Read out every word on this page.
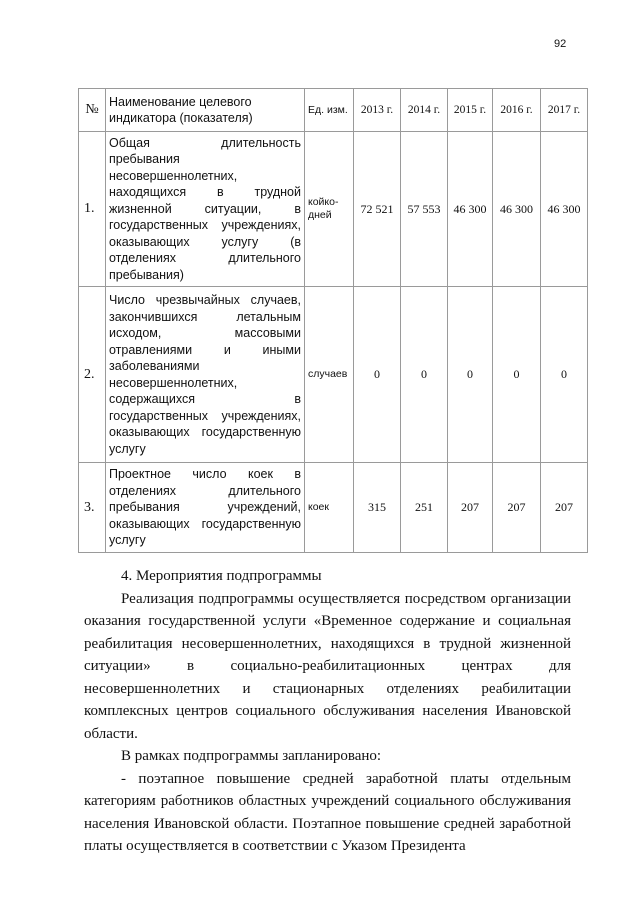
92
№	Наименование целевого индикатора (показателя)	Ед. изм.	2013 г.	2014 г.	2015 г.	2016 г.	2017 г.
1.	Общая длительность пребывания несовершеннолетних, находящихся в трудной жизненной ситуации, в государственных учреждениях, оказывающих услугу (в отделениях длительного пребывания)	койко-дней	72 521	57 553	46 300	46 300	46 300
2.	Число чрезвычайных случаев, закончившихся летальным исходом, массовыми отравлениями и иными заболеваниями несовершеннолетних, содержащихся в государственных учреждениях, оказывающих государственную услугу	случаев	0	0	0	0	0
3.	Проектное число коек в отделениях длительного пребывания учреждений, оказывающих государственную услугу	коек	315	251	207	207	207

4. Мероприятия подпрограммы

Реализация подпрограммы осуществляется посредством организации оказания государственной услуги «Временное содержание и социальная реабилитация несовершеннолетних, находящихся в трудной жизненной ситуации» в социально-реабилитационных центрах для несовершеннолетних и стационарных отделениях реабилитации комплексных центров социального обслуживания населения Ивановской области.

В рамках подпрограммы запланировано:

- поэтапное повышение средней заработной платы отдельным категориям работников областных учреждений социального обслуживания населения Ивановской области. Поэтапное повышение средней заработной платы осуществляется в соответствии с Указом Президента
